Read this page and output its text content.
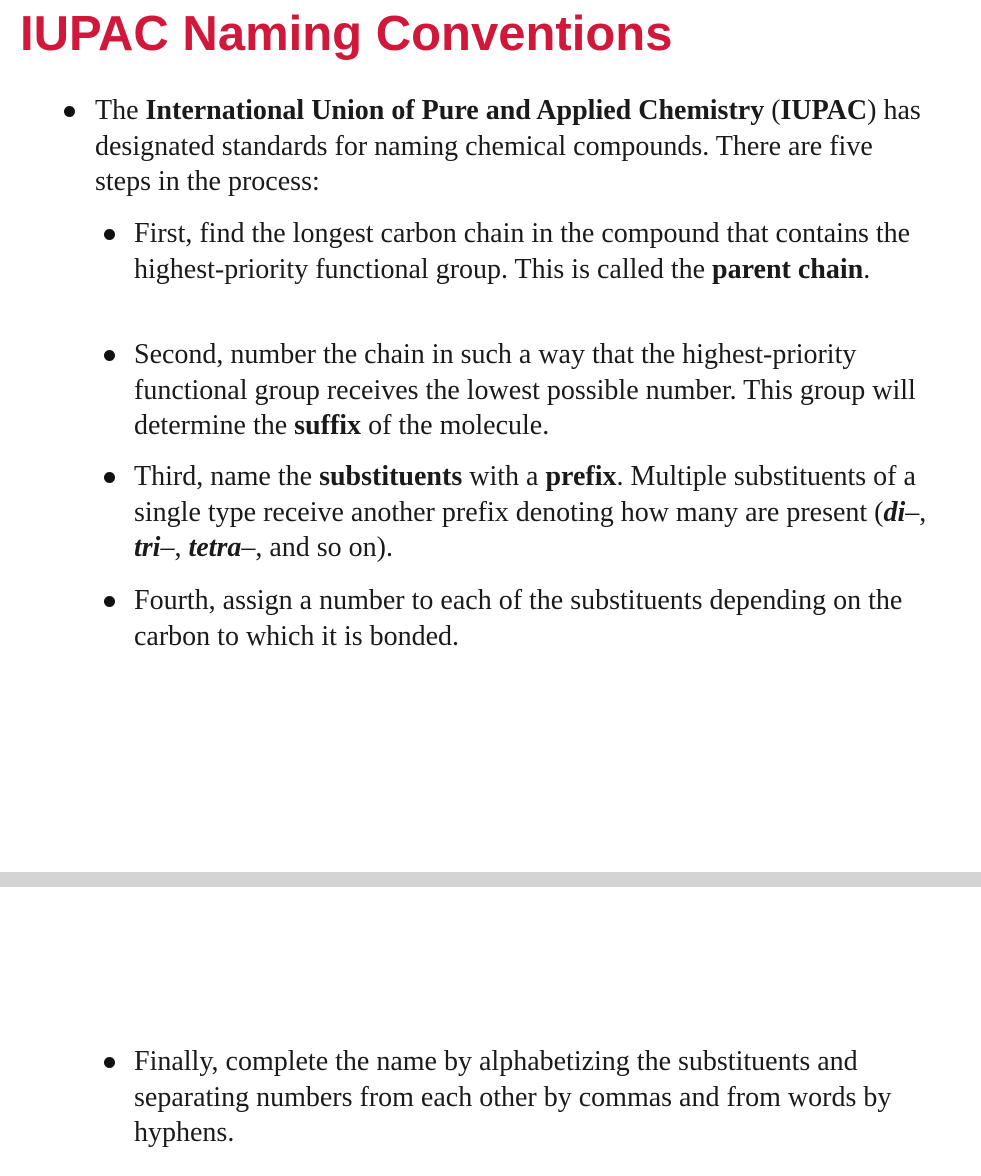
IUPAC Naming Conventions

The International Union of Pure and Applied Chemistry (IUPAC) has designated standards for naming chemical compounds. There are five steps in the process:

First, find the longest carbon chain in the compound that contains the highest-priority functional group. This is called the parent chain.

Second, number the chain in such a way that the highest-priority functional group receives the lowest possible number. This group will determine the suffix of the molecule.

Third, name the substituents with a prefix. Multiple substituents of a single type receive another prefix denoting how many are present (di–, tri–, tetra–, and so on).

Fourth, assign a number to each of the substituents depending on the carbon to which it is bonded.

Finally, complete the name by alphabetizing the substituents and separating numbers from each other by commas and from words by hyphens.
